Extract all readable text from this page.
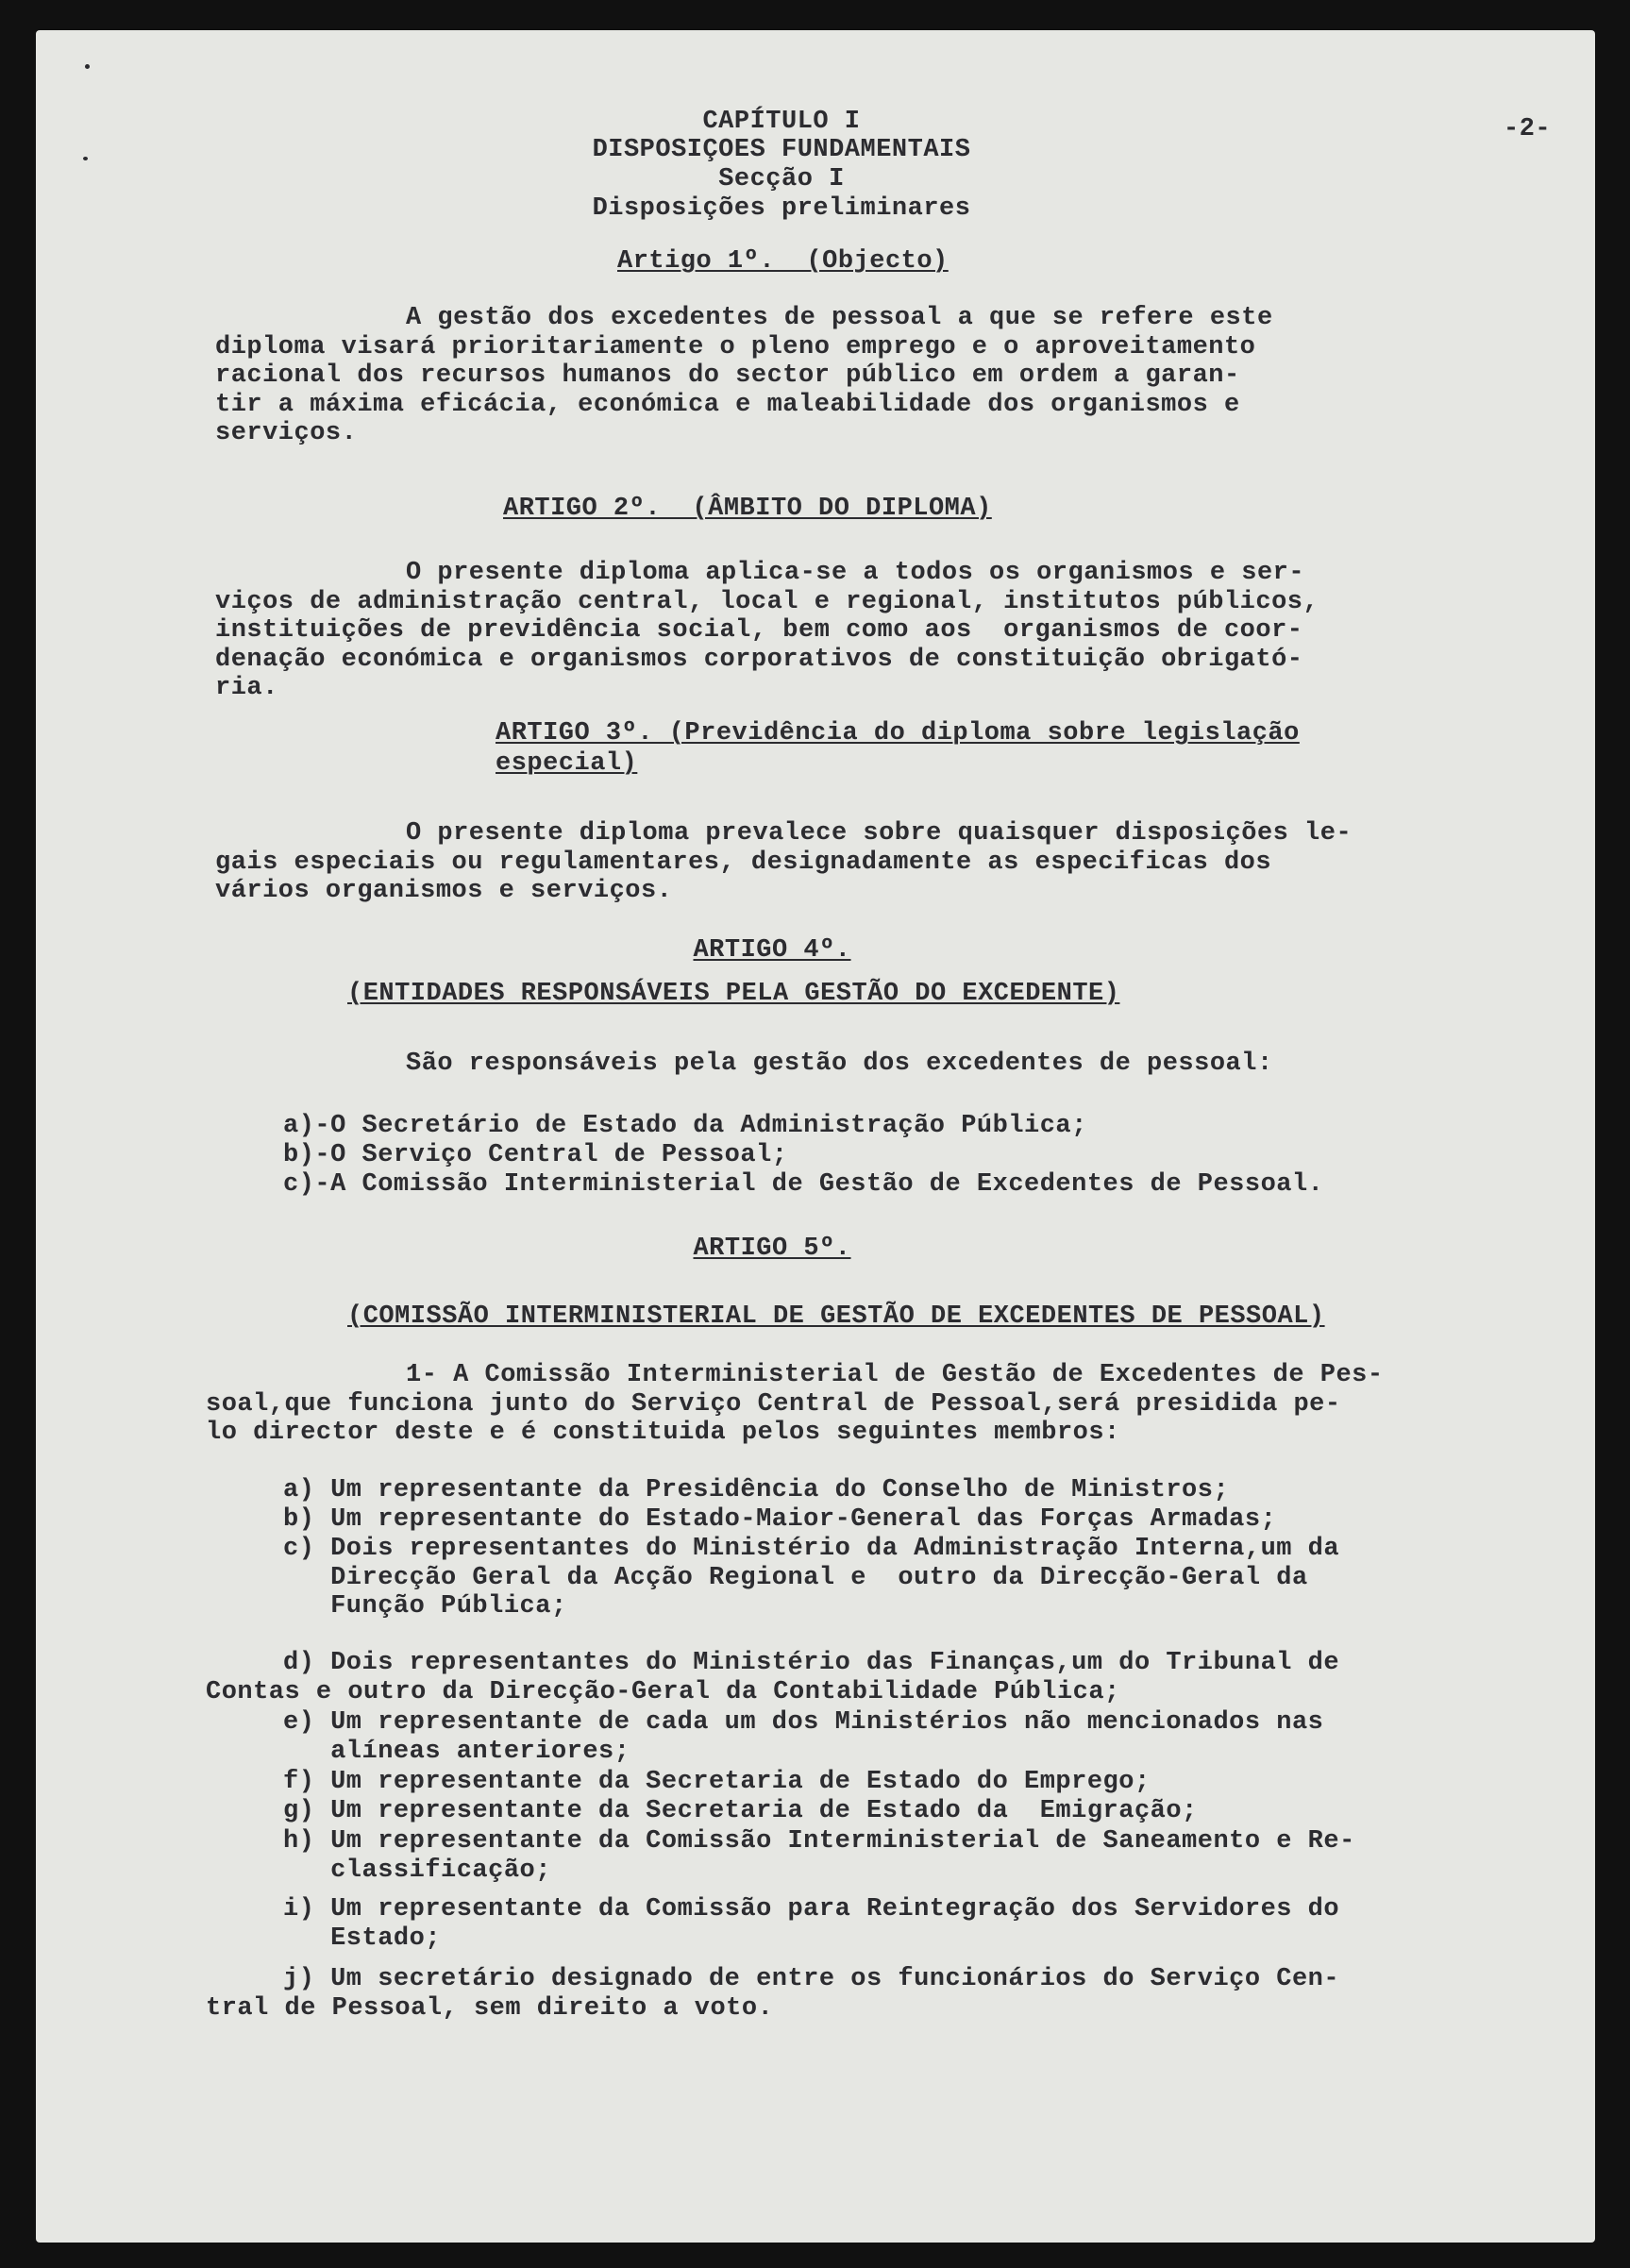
-2-
CAPÍTULO I
DISPOSIÇOES FUNDAMENTAIS
Secção I
Disposições preliminares
Artigo 1º.  (Objecto)

A gestão dos excedentes de pessoal a que se refere este
diploma visará prioritariamente o pleno emprego e o aproveitamento
racional dos recursos humanos do sector público em ordem a garan-
tir a máxima eficácia, económica e maleabilidade dos organismos e
serviços.

ARTIGO 2º.  (ÂMBITO DO DIPLOMA)

O presente diploma aplica-se a todos os organismos e ser-
viços de administração central, local e regional, institutos públicos,
instituições de previdência social, bem como aos  organismos de coor-
denação económica e organismos corporativos de constituição obrigató-
ria.

ARTIGO 3º. (Previdência do diploma sobre legislação
especial)

O presente diploma prevalece sobre quaisquer disposições le-
gais especiais ou regulamentares, designadamente as especificas dos
vários organismos e serviços.

ARTIGO 4º.
(ENTIDADES RESPONSÁVEIS PELA GESTÃO DO EXCEDENTE)
São responsáveis pela gestão dos excedentes de pessoal:
a)-O Secretário de Estado da Administração Pública;
b)-O Serviço Central de Pessoal;
c)-A Comissão Interministerial de Gestão de Excedentes de Pessoal.
ARTIGO 5º.
(COMISSÃO INTERMINISTERIAL DE GESTÃO DE EXCEDENTES DE PESSOAL)

1- A Comissão Interministerial de Gestão de Excedentes de Pes-
soal,que funciona junto do Serviço Central de Pessoal,será presidida pe-
lo director deste e é constituida pelos seguintes membros:

a) Um representante da Presidência do Conselho de Ministros;
b) Um representante do Estado-Maior-General das Forças Armadas;
c) Dois representantes do Ministério da Administração Interna,um da
Direcção Geral da Acção Regional e  outro da Direcção-Geral da
Função Pública;
d) Dois representantes do Ministério das Finanças,um do Tribunal de
Contas e outro da Direcção-Geral da Contabilidade Pública;
e) Um representante de cada um dos Ministérios não mencionados nas
alíneas anteriores;
f) Um representante da Secretaria de Estado do Emprego;
g) Um representante da Secretaria de Estado da  Emigração;
h) Um representante da Comissão Interministerial de Saneamento e Re-
classificação;
i) Um representante da Comissão para Reintegração dos Servidores do
Estado;
j) Um secretário designado de entre os funcionários do Serviço Cen-
tral de Pessoal, sem direito a voto.
